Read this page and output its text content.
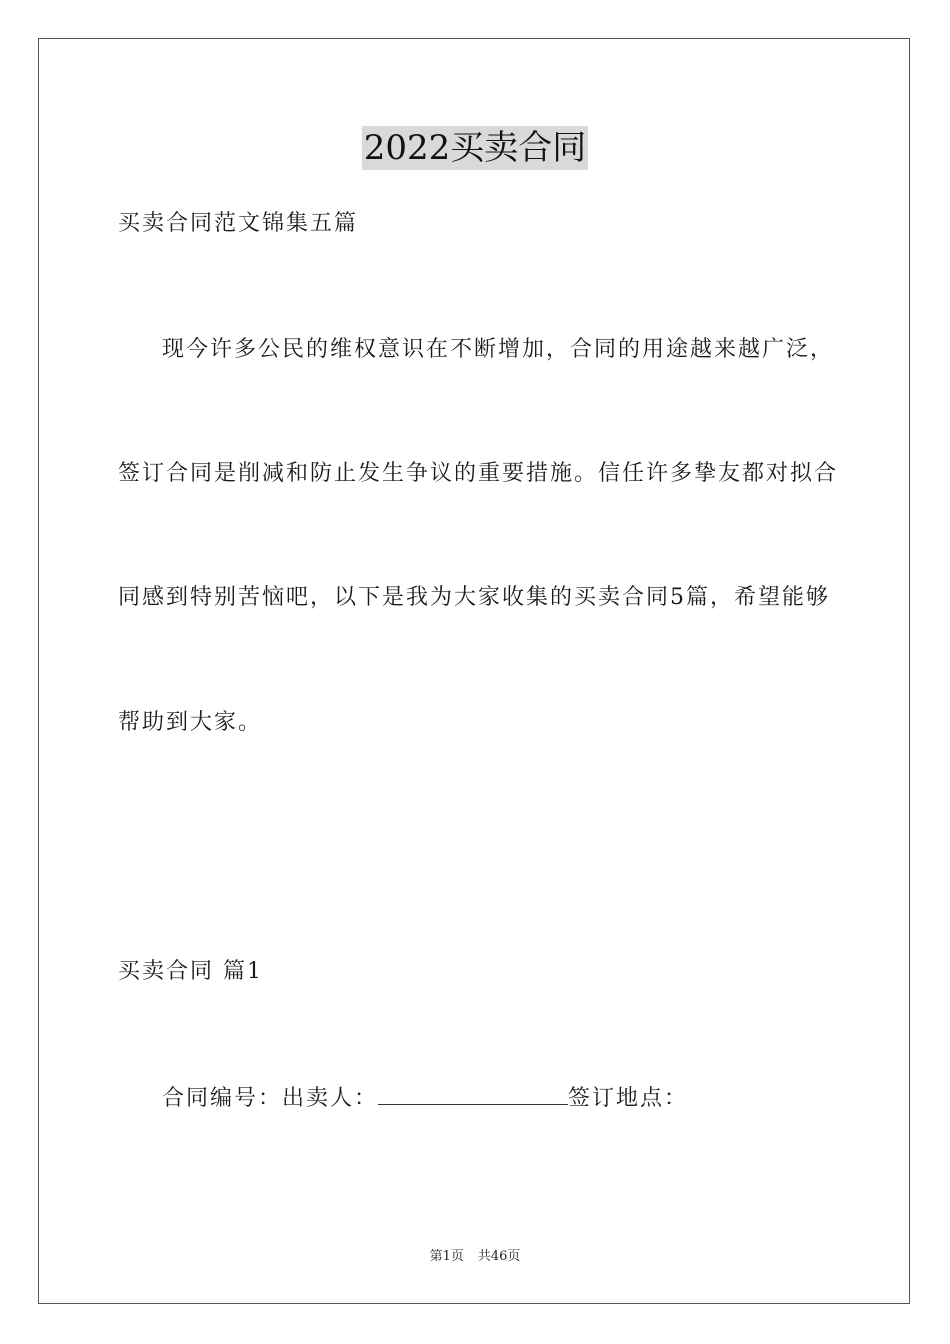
2022买卖合同
买卖合同范文锦集五篇
现今许多公民的维权意识在不断增加，合同的用途越来越广泛，
签订合同是削减和防止发生争议的重要措施。信任许多挚友都对拟合
同感到特别苦恼吧，以下是我为大家收集的买卖合同5篇，希望能够
帮助到大家。
买卖合同 篇1
合同编号：出卖人：	签订地点：
第1页 共46页
